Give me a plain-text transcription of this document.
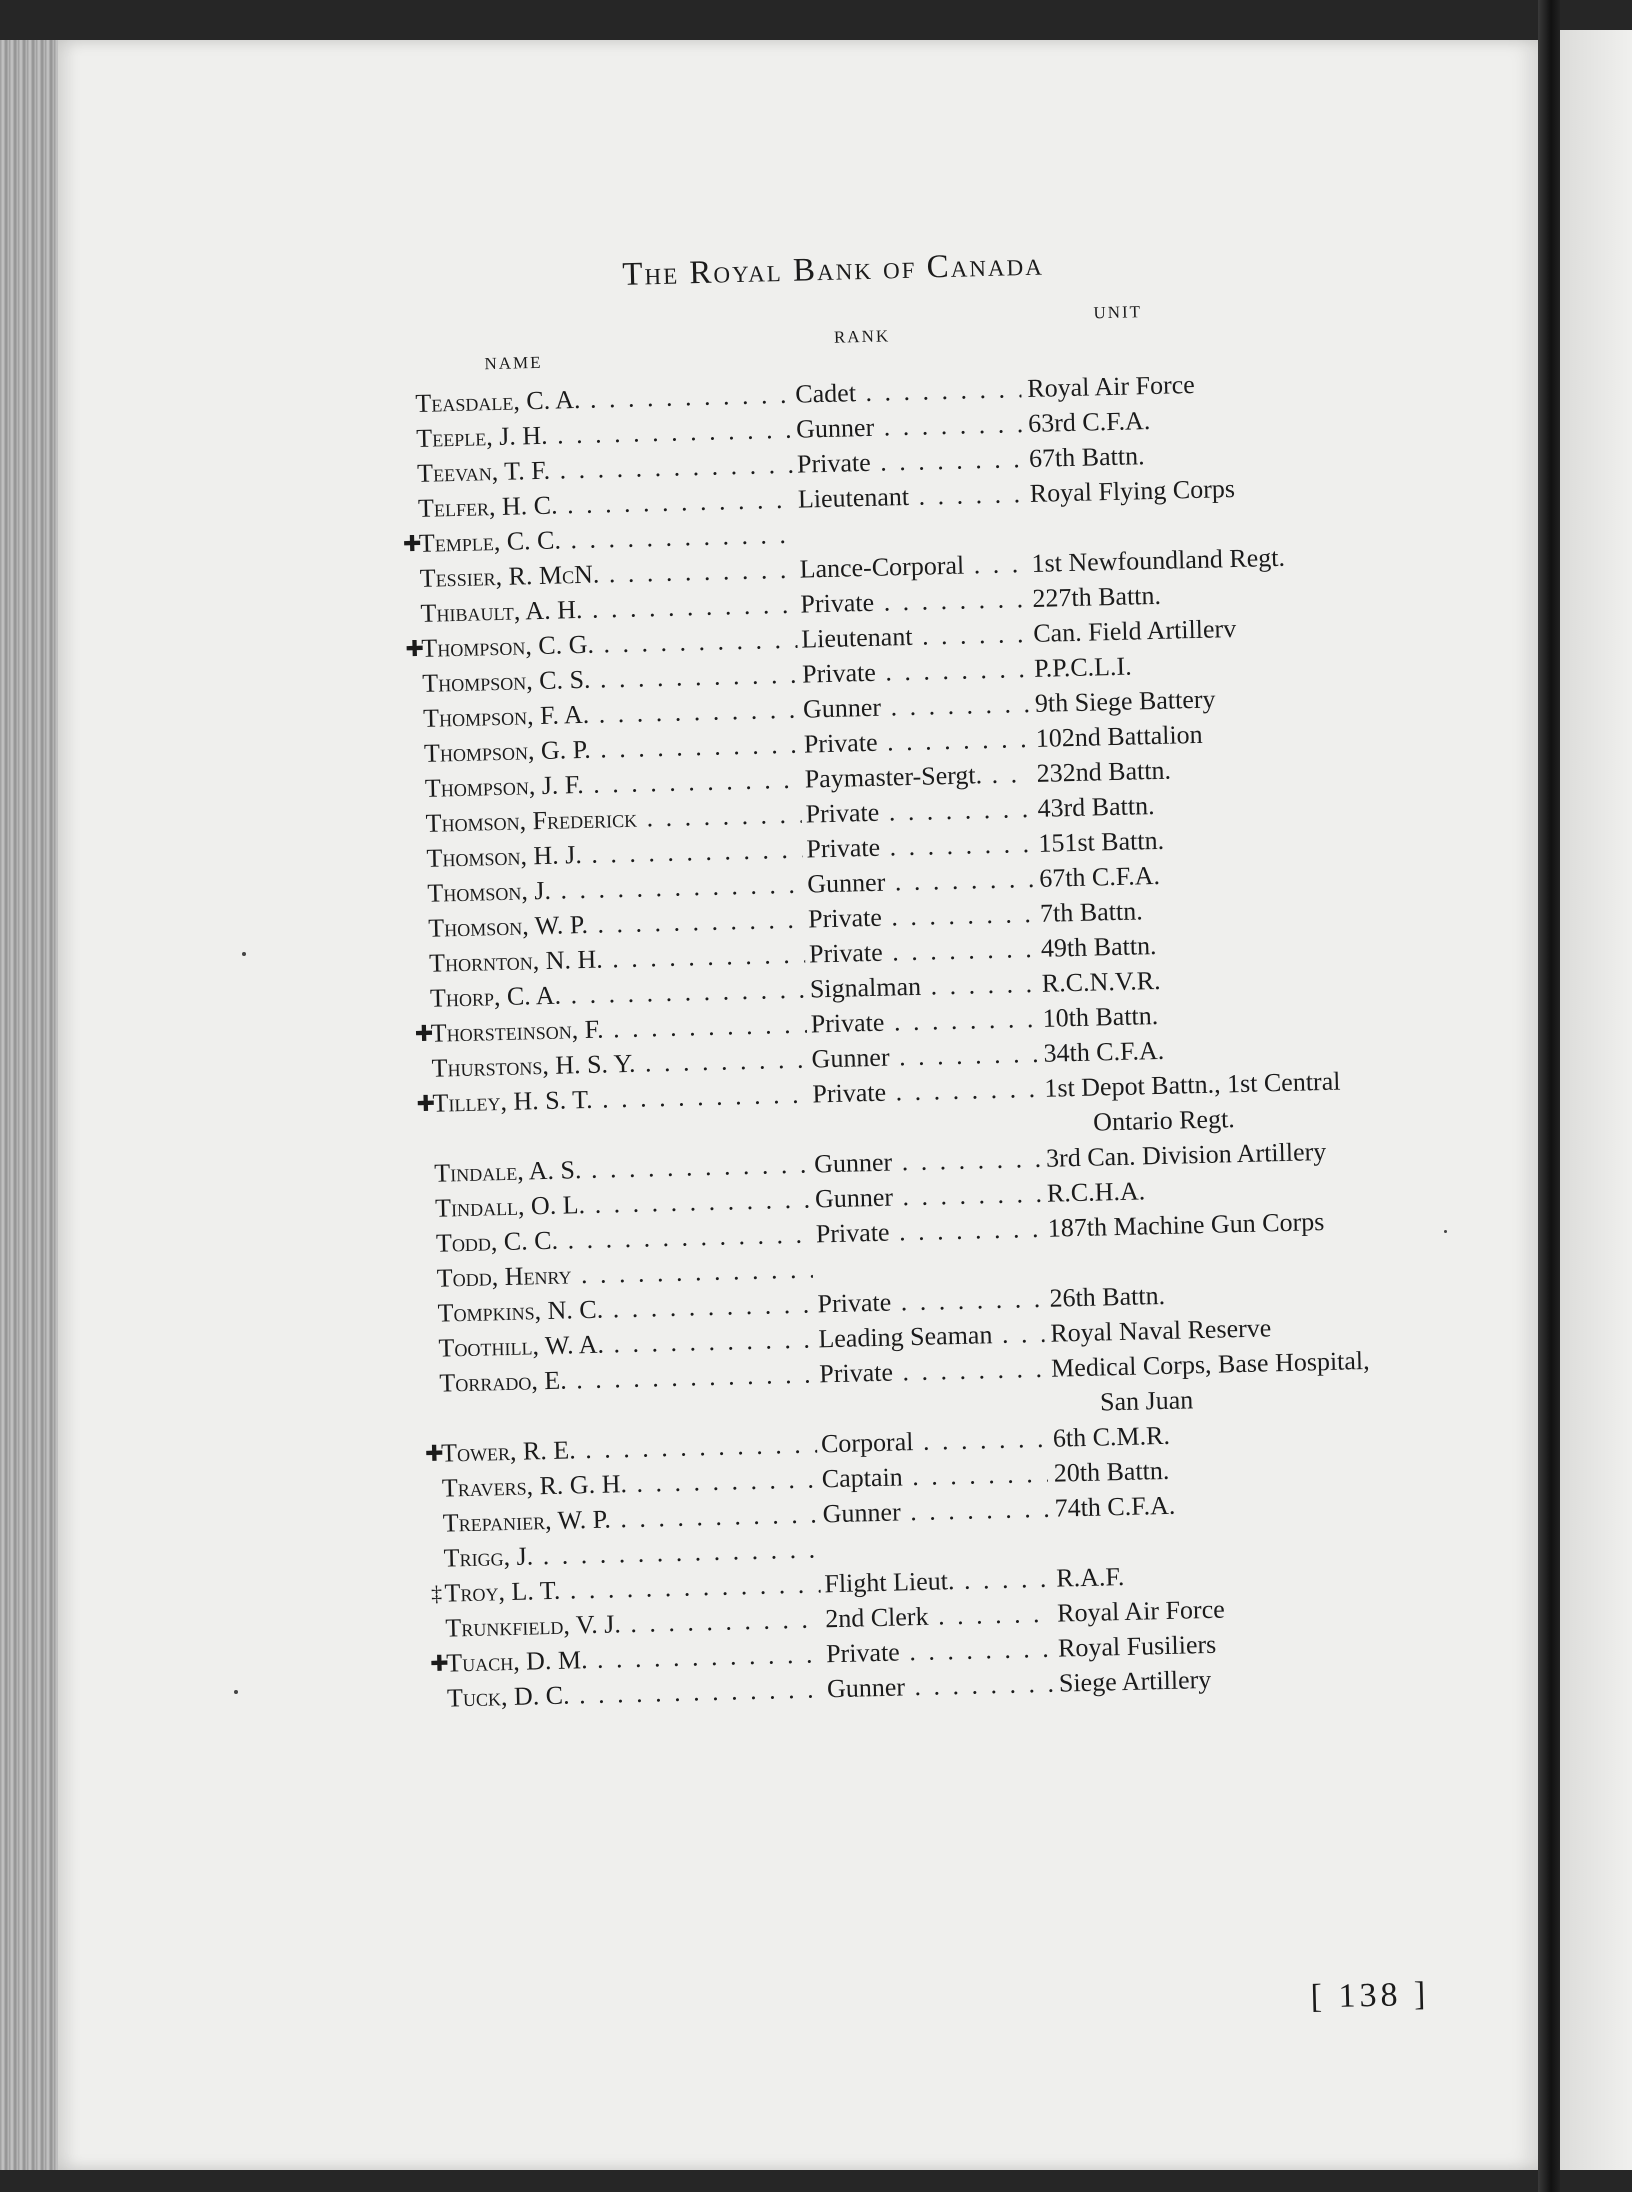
The Royal Bank of Canada
NAME
RANK
UNIT
Teasdale, C. A. . . .	Cadet . . .	Royal Air Force
Teeple, J. H. . . .	Gunner . . .	63rd C.F.A.
Teevan, T. F. . . .	Private . . .	67th Battn.
Telfer, H. C. . . .	Lieutenant . . .	Royal Flying Corps
✚
Temple, C. C. . . .
Tessier, R. McN. . . .	Lance-Corporal . . .	1st Newfoundland Regt.
Thibault, A. H. . . .	Private . . .	227th Battn.
✚
Thompson, C. G. . . .	Lieutenant . . .	Can. Field Artillerv
Thompson, C. S. . . .	Private . . .	P.P.C.L.I.
Thompson, F. A. . . .	Gunner . . .	9th Siege Battery
Thompson, G. P. . . .	Private . . .	102nd Battalion
Thompson, J. F. . . .	Paymaster-Sergt. . . .	232nd Battn.
Thomson, Frederick . . .	Private . . .	43rd Battn.
Thomson, H. J. . . .	Private . . .	151st Battn.
Thomson, J. . . .	Gunner . . .	67th C.F.A.
Thomson, W. P. . . .	Private . . .	7th Battn.
Thornton, N. H. . . .	Private . . .	49th Battn.
Thorp, C. A. . . .	Signalman . . .	R.C.N.V.R.
✚
Thorsteinson, F. . . .	Private . . .	10th Battn.
Thurstons, H. S. Y. . . .	Gunner . . .	34th C.F.A.
✚
Tilley, H. S. T. . . .	Private . . .	1st Depot Battn., 1st Central
Ontario Regt.
Tindale, A. S. . . .	Gunner . . .	3rd Can. Division Artillery
Tindall, O. L. . . .	Gunner . . .	R.C.H.A.
Todd, C. C. . . .	Private . . .	187th Machine Gun Corps
Todd, Henry . . .
Tompkins, N. C. . . .	Private . . .	26th Battn.
Toothill, W. A. . . .	Leading Seaman . . .	Royal Naval Reserve
Torrado, E. . . .	Private . . .	Medical Corps, Base Hospital,
San Juan
✚
Tower, R. E. . . .	Corporal . . .	6th C.M.R.
Travers, R. G. H. . . .	Captain . . .	20th Battn.
Trepanier, W. P. . . .	Gunner . . .	74th C.F.A.
Trigg, J. . . .
‡ Troy, L. T. . . .	Flight Lieut. . . .	R.A.F.
Trunkfield, V. J. . . .	2nd Clerk . . .	Royal Air Force
✚
Tuach, D. M. . . .	Private . . .	Royal Fusiliers
Tuck, D. C. . . .	Gunner . . .	Siege Artillery
[ 138 ]
